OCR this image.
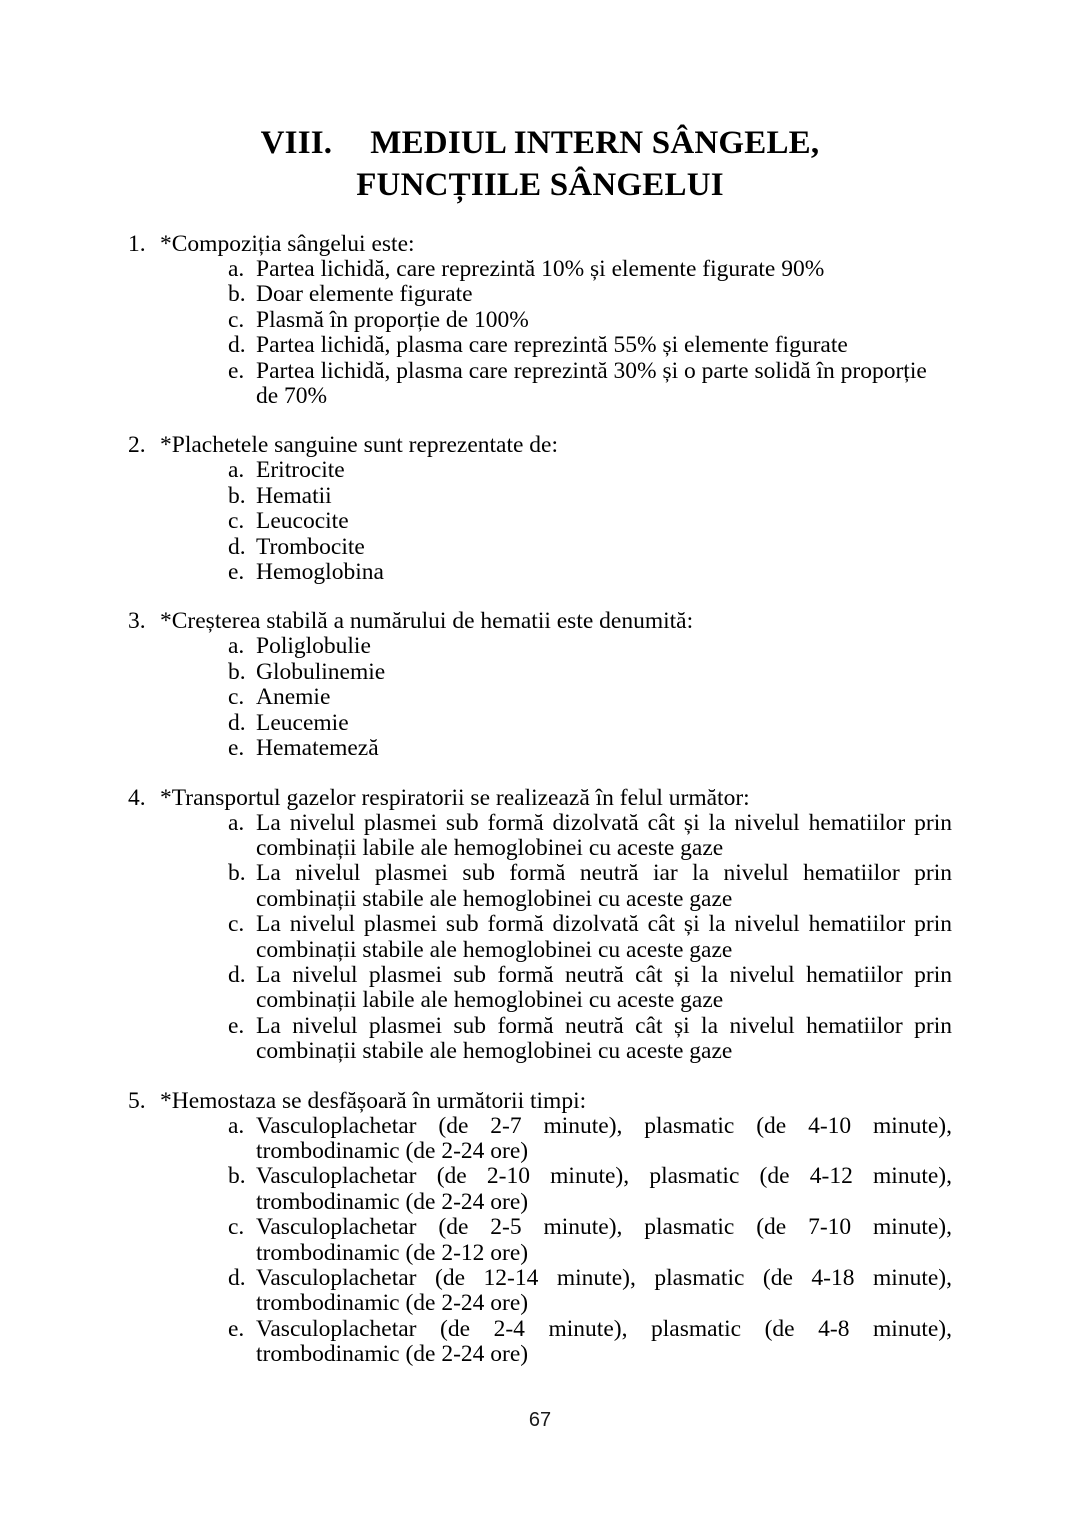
VIII. MEDIUL INTERN SÂNGELE,
FUNCȚIILE SÂNGELUI
1. *Compoziția sângelui este:
a. Partea lichidă, care reprezintă 10% și elemente figurate 90%
b. Doar elemente figurate
c. Plasmă în proporție de 100%
d. Partea lichidă, plasma care reprezintă 55% și elemente figurate
e. Partea lichidă, plasma care reprezintă 30% și o parte solidă în proporție de 70%
2. *Plachetele sanguine sunt reprezentate de:
a. Eritrocite
b. Hematii
c. Leucocite
d. Trombocite
e. Hemoglobina
3. *Creșterea stabilă a numărului de hematii este denumită:
a. Poliglobulie
b. Globulinemie
c. Anemie
d. Leucemie
e. Hematemeză
4. *Transportul gazelor respiratorii se realizează în felul următor:
a. La nivelul plasmei sub formă dizolvată cât și la nivelul hematiilor prin combinații labile ale hemoglobinei cu aceste gaze
b. La nivelul plasmei sub formă neutră iar la nivelul hematiilor prin combinații stabile ale hemoglobinei cu aceste gaze
c. La nivelul plasmei sub formă dizolvată cât și la nivelul hematiilor prin combinații stabile ale hemoglobinei cu aceste gaze
d. La nivelul plasmei sub formă neutră cât și la nivelul hematiilor prin combinații labile ale hemoglobinei cu aceste gaze
e. La nivelul plasmei sub formă neutră cât și la nivelul hematiilor prin combinații stabile ale hemoglobinei cu aceste gaze
5. *Hemostaza se desfășoară în următorii timpi:
a. Vasculoplachetar (de 2-7 minute), plasmatic (de 4-10 minute), trombodinamic (de 2-24 ore)
b. Vasculoplachetar (de 2-10 minute), plasmatic (de 4-12 minute), trombodinamic (de 2-24 ore)
c. Vasculoplachetar (de 2-5 minute), plasmatic (de 7-10 minute), trombodinamic (de 2-12 ore)
d. Vasculoplachetar (de 12-14 minute), plasmatic (de 4-18 minute), trombodinamic (de 2-24 ore)
e. Vasculoplachetar (de 2-4 minute), plasmatic (de 4-8 minute), trombodinamic (de 2-24 ore)
67
